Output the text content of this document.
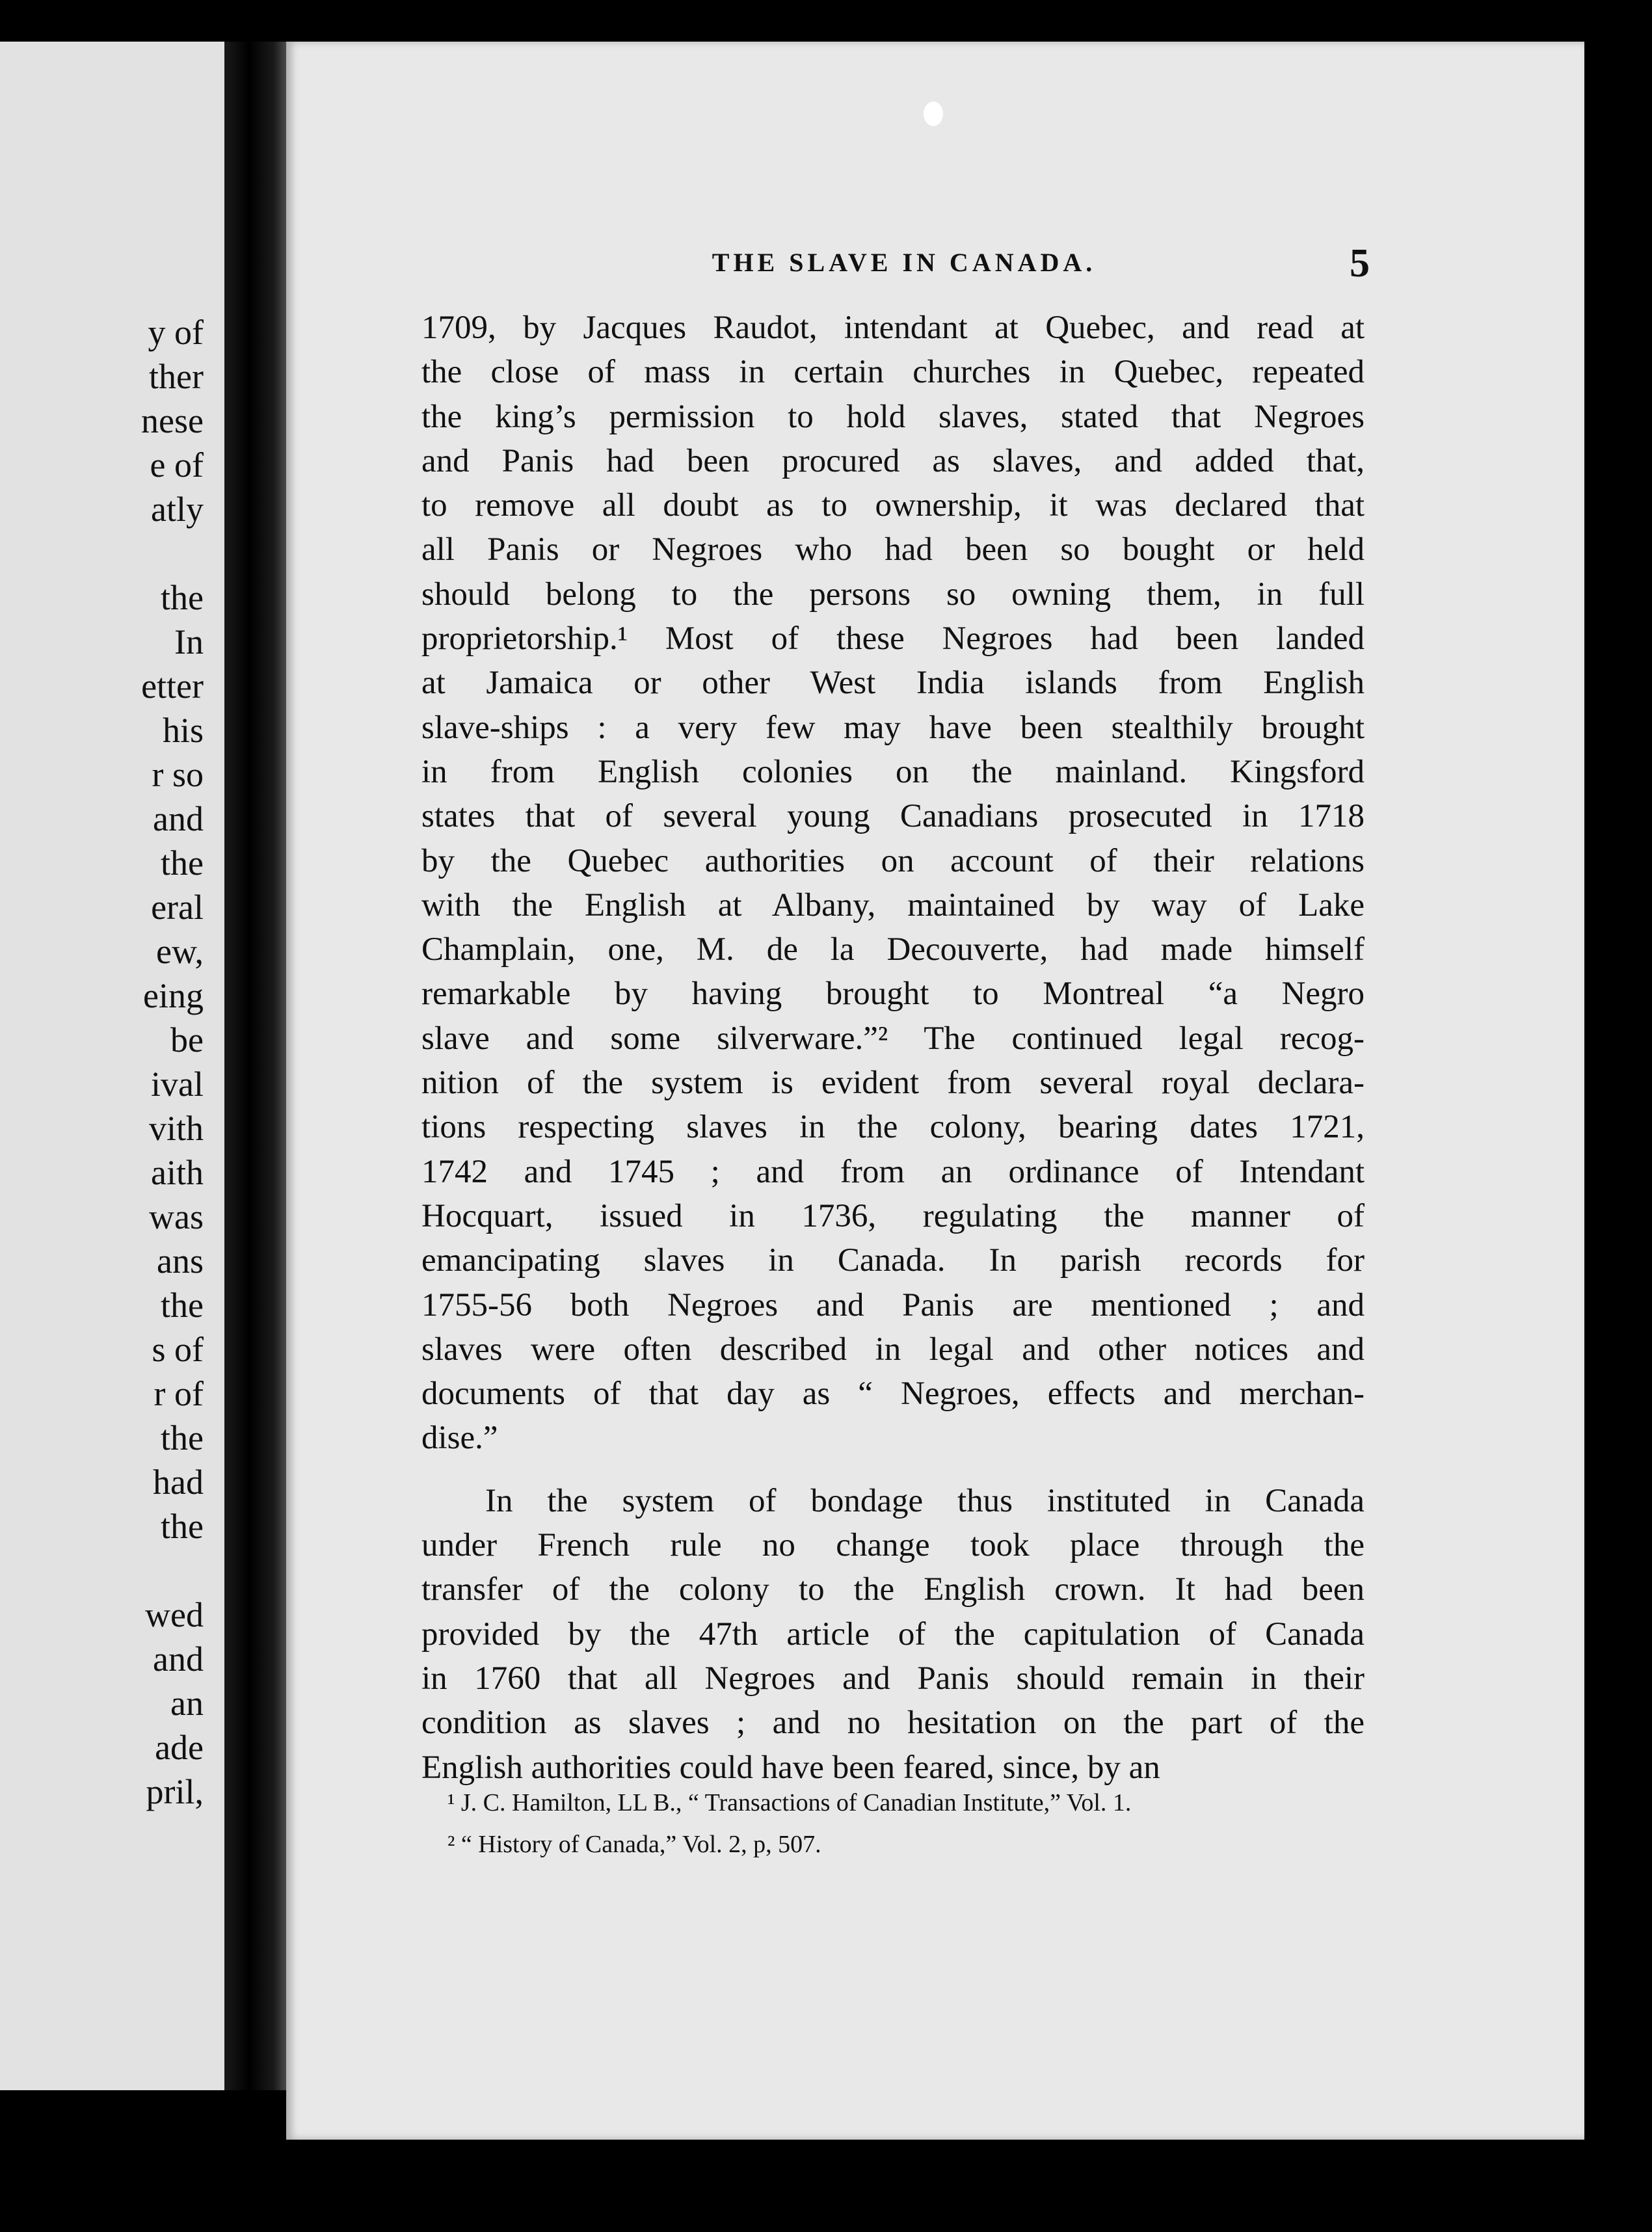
y of
ther
nese
e of
atly
the
In
etter
his
r so
and
the
eral
ew,
eing
be
ival
vith
aith
was
ans
the
s of
r of
the
had
the
wed
and
an
ade
pril,
THE SLAVE IN CANADA.	5
1709, by Jacques Raudot, intendant at Quebec, and read at
the close of mass in certain churches in Quebec, repeated
the king’s permission to hold slaves, stated that Negroes
and Panis had been procured as slaves, and added that,
to remove all doubt as to ownership, it was declared that
all Panis or Negroes who had been so bought or held
should belong to the persons so owning them, in full
proprietorship.¹ Most of these Negroes had been landed
at Jamaica or other West India islands from English
slave-ships : a very few may have been stealthily brought
in from English colonies on the mainland. Kingsford
states that of several young Canadians prosecuted in 1718
by the Quebec authorities on account of their relations
with the English at Albany, maintained by way of Lake
Champlain, one, M. de la Decouverte, had made himself
remarkable by having brought to Montreal “a Negro
slave and some silverware.”² The continued legal recog-
nition of the system is evident from several royal declara-
tions respecting slaves in the colony, bearing dates 1721,
1742 and 1745 ; and from an ordinance of Intendant
Hocquart, issued in 1736, regulating the manner of
emancipating slaves in Canada. In parish records for
1755-56 both Negroes and Panis are mentioned ; and
slaves were often described in legal and other notices and
documents of that day as “ Negroes, effects and merchan-
dise.”
In the system of bondage thus instituted in Canada
under French rule no change took place through the
transfer of the colony to the English crown. It had been
provided by the 47th article of the capitulation of Canada
in 1760 that all Negroes and Panis should remain in their
condition as slaves ; and no hesitation on the part of the
English authorities could have been feared, since, by an
¹ J. C. Hamilton, LL B., “ Transactions of Canadian Institute,” Vol. 1.
² “ History of Canada,” Vol. 2, p, 507.
